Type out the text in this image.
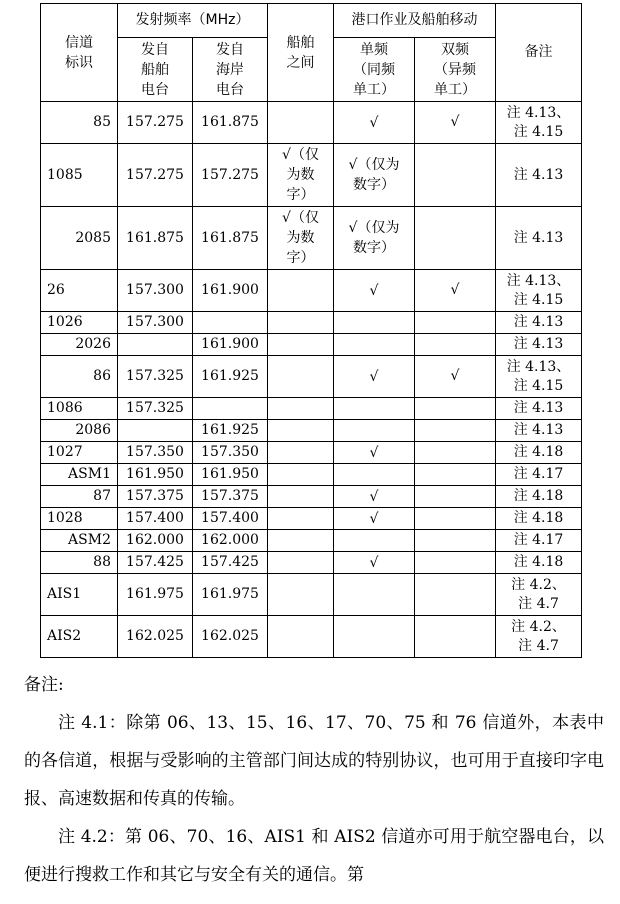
信道标识	发射频率（MHz）		船舶之间	港口作业及船舶移动		备注

	发自船舶电台	发自海岸电台		单频（同频单工）	双频（异频单工）	

85	157.275	161.875		√	√	注 4.13、注 4.15
1085	157.275	157.275	√（仅为数字）	√（仅为数字）		注 4.13
2085	161.875	161.875	√（仅为数字）	√（仅为数字）		注 4.13
26	157.300	161.900		√	√	注 4.13、注 4.15
1026	157.300					注 4.13
2026		161.900				注 4.13
86	157.325	161.925		√	√	注 4.13、注 4.15
1086	157.325					注 4.13
2086		161.925				注 4.13
1027	157.350	157.350		√		注 4.18
ASM1	161.950	161.950				注 4.17
87	157.375	157.375		√		注 4.18
1028	157.400	157.400		√		注 4.18
ASM2	162.000	162.000				注 4.17
88	157.425	157.425		√		注 4.18
AIS1	161.975	161.975				注 4.2、注 4.7
AIS2	162.025	162.025				注 4.2、注 4.7

备注:

注 4.1：除第 06、13、15、16、17、70、75 和 76 信道外，本表中的各信道，根据与受影响的主管部门间达成的特别协议，也可用于直接印字电报、高速数据和传真的传输。

注 4.2：第 06、70、16、AIS1 和 AIS2 信道亦可用于航空器电台，以便进行搜救工作和其它与安全有关的通信。第
